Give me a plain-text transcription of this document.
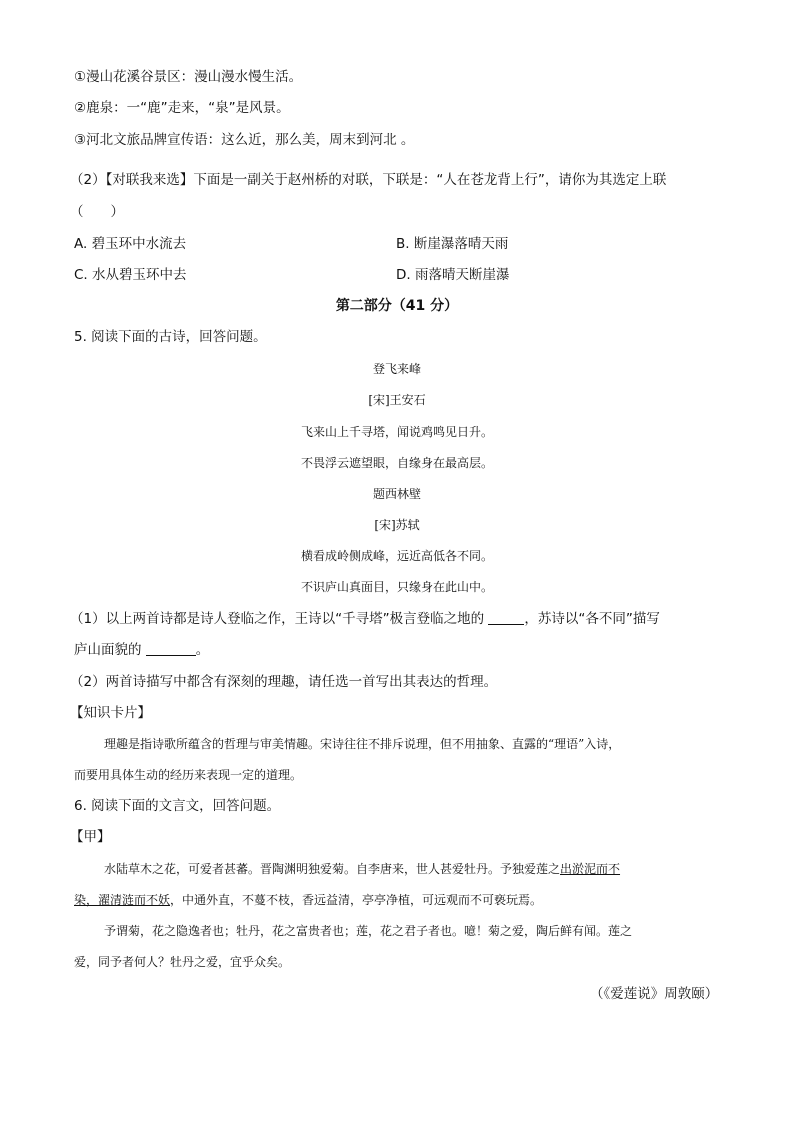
①漫山花溪谷景区：漫山漫水慢生活。
②鹿泉：一“鹿”走来，“泉”是风景。
③河北文旅品牌宣传语：这么近，那么美，周末到河北 。
（2）【对联我来选】下面是一副关于赵州桥的对联，下联是：“人在苍龙背上行”，请你为其选定上联
（　　）
A. 碧玉环中水流去	B. 断崖瀑落晴天雨
C. 水从碧玉环中去	D. 雨落晴天断崖瀑
第二部分（41 分）
5. 阅读下面的古诗，回答问题。
登飞来峰
[宋]王安石
飞来山上千寻塔，闻说鸡鸣见日升。
不畏浮云遮望眼，自缘身在最高层。
题西林壁
[宋]苏轼
横看成岭侧成峰，远近高低各不同。
不识庐山真面目，只缘身在此山中。
（1）以上两首诗都是诗人登临之作，王诗以“千寻塔”极言登临之地的	，苏诗以“各不同”描写
庐山面貌的	。
（2）两首诗描写中都含有深刻的理趣，请任选一首写出其表达的哲理。
【知识卡片】
理趣是指诗歌所蕴含的哲理与审美情趣。宋诗往往不排斥说理，但不用抽象、直露的“理语”入诗，
而要用具体生动的经历来表现一定的道理。
6. 阅读下面的文言文，回答问题。
【甲】
水陆草木之花，可爱者甚蕃。晋陶渊明独爱菊。自李唐来，世人甚爱牡丹。予独爱莲之出淤泥而不
染，濯清涟而不妖，中通外直，不蔓不枝，香远益清，亭亭净植，可远观而不可亵玩焉。
予谓菊，花之隐逸者也；牡丹，花之富贵者也；莲，花之君子者也。噫！菊之爱，陶后鲜有闻。莲之
爱，同予者何人？牡丹之爱，宜乎众矣。
（《爱莲说》周敦颐）
